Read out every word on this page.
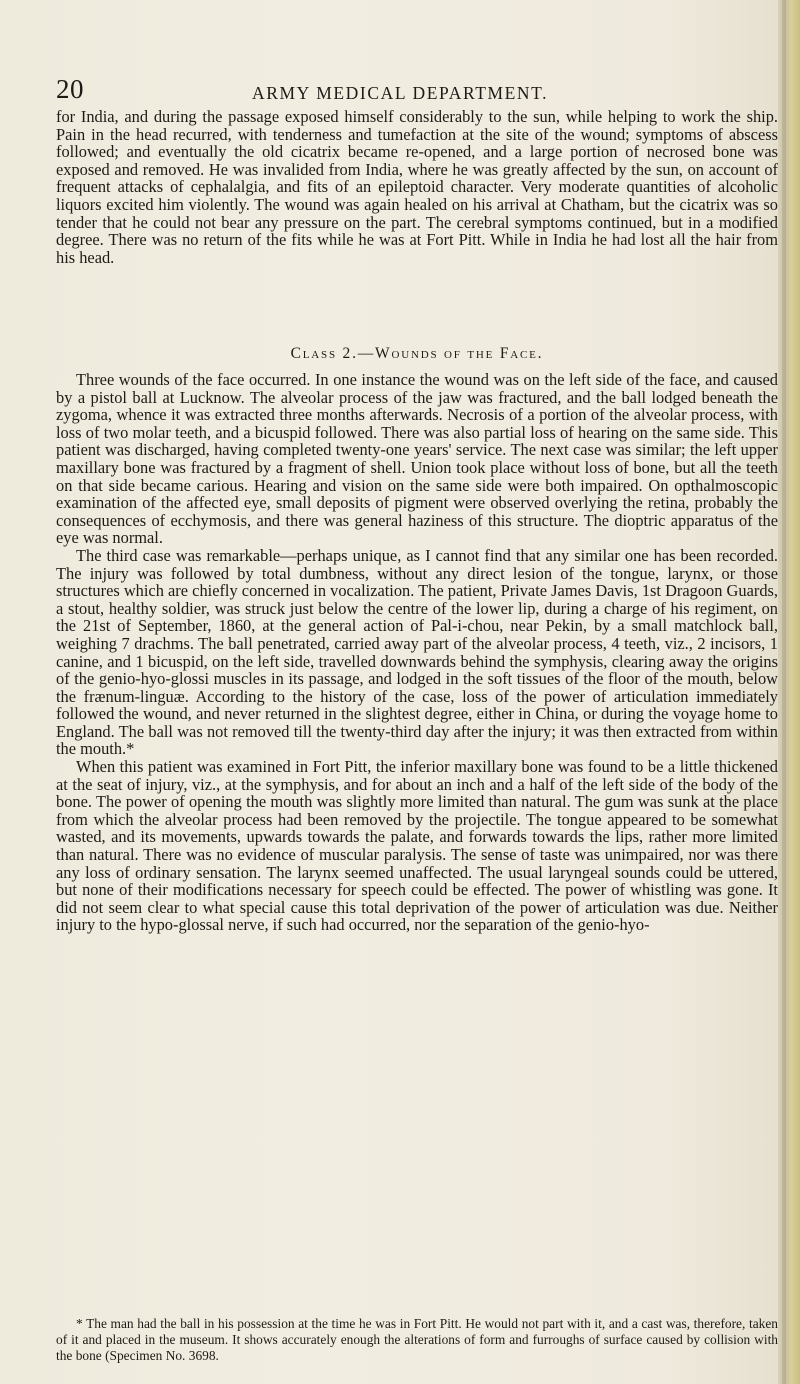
20	ARMY MEDICAL DEPARTMENT.

for India, and during the passage exposed himself considerably to the sun, while helping to work the ship. Pain in the head recurred, with tenderness and tumefaction at the site of the wound; symptoms of abscess followed; and eventually the old cicatrix became re-opened, and a large portion of necrosed bone was exposed and removed. He was invalided from India, where he was greatly affected by the sun, on account of frequent attacks of cephalalgia, and fits of an epileptoid character. Very moderate quantities of alcoholic liquors excited him violently. The wound was again healed on his arrival at Chatham, but the cicatrix was so tender that he could not bear any pressure on the part. The cerebral symptoms continued, but in a modified degree. There was no return of the fits while he was at Fort Pitt. While in India he had lost all the hair from his head.

Class 2.—Wounds of the Face.

Three wounds of the face occurred. In one instance the wound was on the left side of the face, and caused by a pistol ball at Lucknow. The alveolar process of the jaw was fractured, and the ball lodged beneath the zygoma, whence it was extracted three months afterwards. Necrosis of a portion of the alveolar process, with loss of two molar teeth, and a bicuspid followed. There was also partial loss of hearing on the same side. This patient was discharged, having completed twenty-one years' service. The next case was similar; the left upper maxillary bone was fractured by a fragment of shell. Union took place without loss of bone, but all the teeth on that side became carious. Hearing and vision on the same side were both impaired. On opthalmoscopic examination of the affected eye, small deposits of pigment were observed overlying the retina, probably the consequences of ecchymosis, and there was general haziness of this structure. The dioptric apparatus of the eye was normal.

The third case was remarkable—perhaps unique, as I cannot find that any similar one has been recorded. The injury was followed by total dumbness, without any direct lesion of the tongue, larynx, or those structures which are chiefly concerned in vocalization. The patient, Private James Davis, 1st Dragoon Guards, a stout, healthy soldier, was struck just below the centre of the lower lip, during a charge of his regiment, on the 21st of September, 1860, at the general action of Pal-i-chou, near Pekin, by a small matchlock ball, weighing 7 drachms. The ball penetrated, carried away part of the alveolar process, 4 teeth, viz., 2 incisors, 1 canine, and 1 bicuspid, on the left side, travelled downwards behind the symphysis, clearing away the origins of the genio-hyo-glossi muscles in its passage, and lodged in the soft tissues of the floor of the mouth, below the frænum-linguæ. According to the history of the case, loss of the power of articulation immediately followed the wound, and never returned in the slightest degree, either in China, or during the voyage home to England. The ball was not removed till the twenty-third day after the injury; it was then extracted from within the mouth.*

When this patient was examined in Fort Pitt, the inferior maxillary bone was found to be a little thickened at the seat of injury, viz., at the symphysis, and for about an inch and a half of the left side of the body of the bone. The power of opening the mouth was slightly more limited than natural. The gum was sunk at the place from which the alveolar process had been removed by the projectile. The tongue appeared to be somewhat wasted, and its movements, upwards towards the palate, and forwards towards the lips, rather more limited than natural. There was no evidence of muscular paralysis. The sense of taste was unimpaired, nor was there any loss of ordinary sensation. The larynx seemed unaffected. The usual laryngeal sounds could be uttered, but none of their modifications necessary for speech could be effected. The power of whistling was gone. It did not seem clear to what special cause this total deprivation of the power of articulation was due. Neither injury to the hypo-glossal nerve, if such had occurred, nor the separation of the genio-hyo-

* The man had the ball in his possession at the time he was in Fort Pitt. He would not part with it, and a cast was, therefore, taken of it and placed in the museum. It shows accurately enough the alterations of form and furroughs of surface caused by collision with the bone (Specimen No. 3698.
